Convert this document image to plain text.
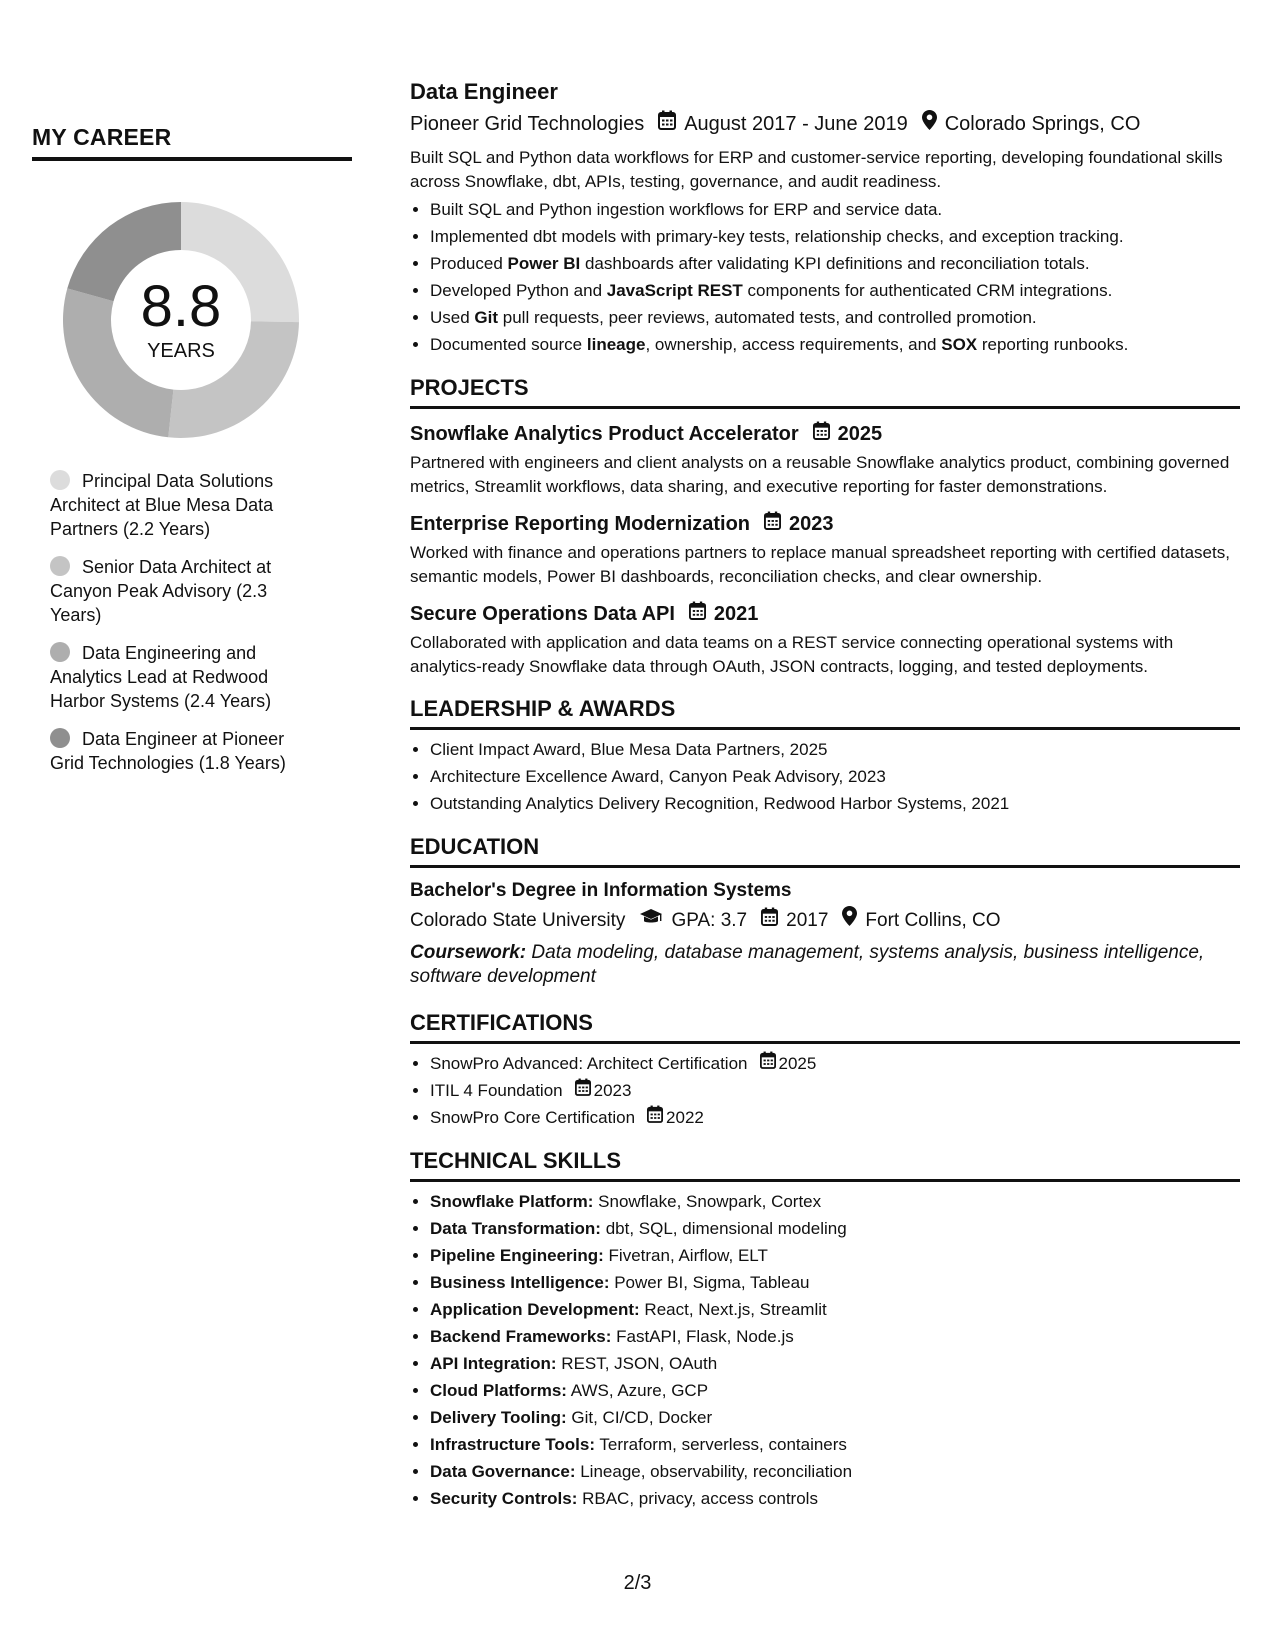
MY CAREER
8.8
YEARS
Principal Data Solutions Architect at Blue Mesa Data Partners (2.2 Years)
Senior Data Architect at Canyon Peak Advisory (2.3 Years)
Data Engineering and Analytics Lead at Redwood Harbor Systems (2.4 Years)
Data Engineer at Pioneer Grid Technologies (1.8 Years)
Data Engineer
Pioneer Grid Technologies August 2017 - June 2019 Colorado Springs, CO

Built SQL and Python data workflows for ERP and customer-service reporting, developing foundational skills across Snowflake, dbt, APIs, testing, governance, and audit readiness.

• Built SQL and Python ingestion workflows for ERP and service data.
• Implemented dbt models with primary-key tests, relationship checks, and exception tracking.
• Produced Power BI dashboards after validating KPI definitions and reconciliation totals.
• Developed Python and JavaScript REST components for authenticated CRM integrations.
• Used Git pull requests, peer reviews, automated tests, and controlled promotion.
• Documented source lineage, ownership, access requirements, and SOX reporting runbooks.
PROJECTS
Snowflake Analytics Product Accelerator 2025

Partnered with engineers and client analysts on a reusable Snowflake analytics product, combining governed metrics, Streamlit workflows, data sharing, and executive reporting for faster demonstrations.

Enterprise Reporting Modernization 2023

Worked with finance and operations partners to replace manual spreadsheet reporting with certified datasets, semantic models, Power BI dashboards, reconciliation checks, and clear ownership.

Secure Operations Data API 2021

Collaborated with application and data teams on a REST service connecting operational systems with analytics-ready Snowflake data through OAuth, JSON contracts, logging, and tested deployments.

LEADERSHIP & AWARDS
• Client Impact Award, Blue Mesa Data Partners, 2025
• Architecture Excellence Award, Canyon Peak Advisory, 2023
• Outstanding Analytics Delivery Recognition, Redwood Harbor Systems, 2021
EDUCATION
Bachelor's Degree in Information Systems
Colorado State University GPA: 3.7 2017 Fort Collins, CO

Coursework: Data modeling, database management, systems analysis, business intelligence, software development

CERTIFICATIONS
• SnowPro Advanced: Architect Certification 2025
• ITIL 4 Foundation 2023
• SnowPro Core Certification 2022
TECHNICAL SKILLS
• Snowflake Platform: Snowflake, Snowpark, Cortex
• Data Transformation: dbt, SQL, dimensional modeling
• Pipeline Engineering: Fivetran, Airflow, ELT
• Business Intelligence: Power BI, Sigma, Tableau
• Application Development: React, Next.js, Streamlit
• Backend Frameworks: FastAPI, Flask, Node.js
• API Integration: REST, JSON, OAuth
• Cloud Platforms: AWS, Azure, GCP
• Delivery Tooling: Git, CI/CD, Docker
• Infrastructure Tools: Terraform, serverless, containers
• Data Governance: Lineage, observability, reconciliation
• Security Controls: RBAC, privacy, access controls
2/3
